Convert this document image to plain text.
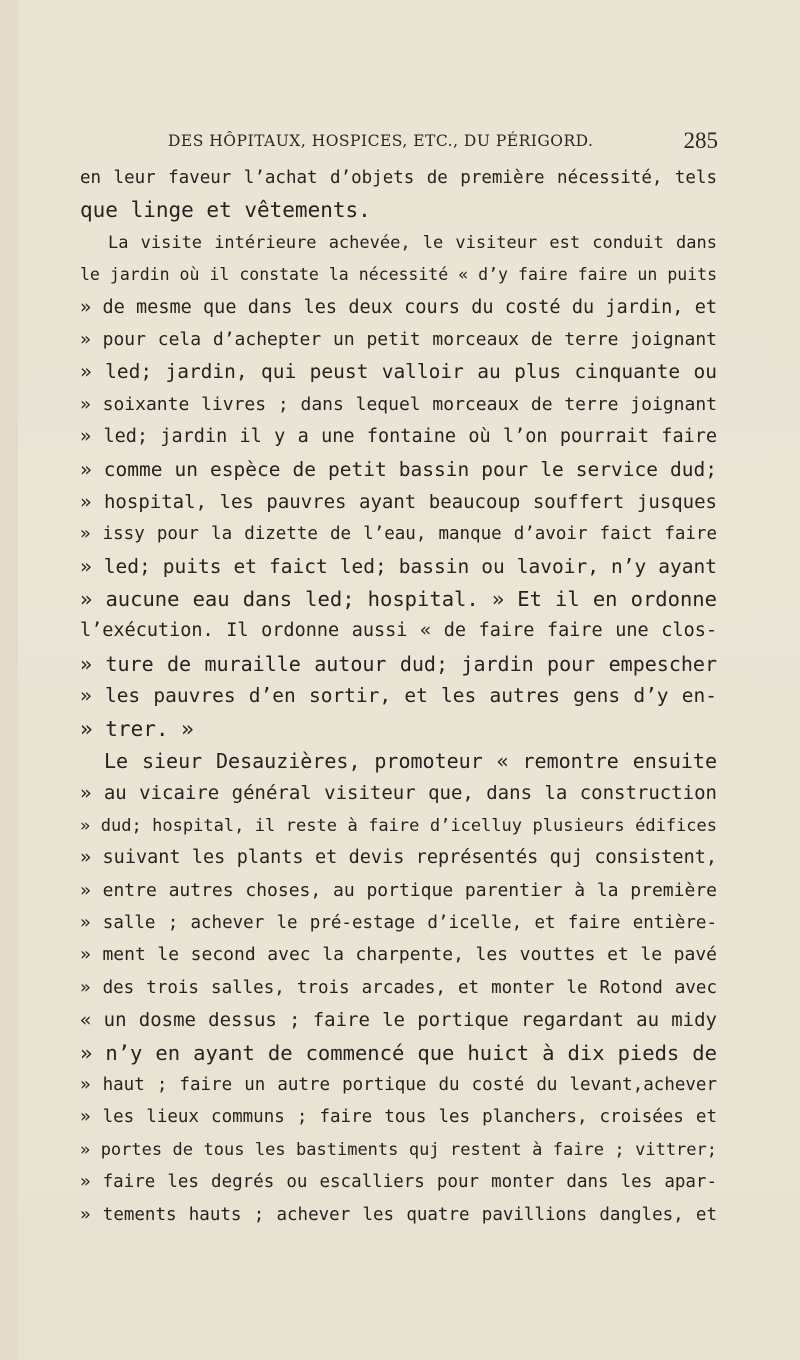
DES HÔPITAUX, HOSPICES, ETC., DU PÉRIGORD.	285
en leur faveur l’achat d’objets de première nécessité, tels
que linge et vêtements.
La visite intérieure achevée, le visiteur est conduit dans
le jardin où il constate la nécessité « d’y faire faire un puits
» de mesme que dans les deux cours du costé du jardin, et
» pour cela d’achepter un petit morceaux de terre joignant
» led; jardin, qui peust valloir au plus cinquante ou
» soixante livres ; dans lequel morceaux de terre joignant
» led; jardin il y a une fontaine où l’on pourrait faire
» comme un espèce de petit bassin pour le service dud;
» hospital, les pauvres ayant beaucoup souffert jusques
» issy pour la dizette de l’eau, manque d’avoir faict faire
» led; puits et faict led; bassin ou lavoir, n’y ayant
» aucune eau dans led; hospital. » Et il en ordonne
l’exécution. Il ordonne aussi « de faire faire une clos-
» ture de muraille autour dud; jardin pour empescher
» les pauvres d’en sortir, et les autres gens d’y en-
» trer. »
Le sieur Desauzières, promoteur « remontre ensuite
» au vicaire général visiteur que, dans la construction
» dud; hospital, il reste à faire d’icelluy plusieurs édifices
» suivant les plants et devis représentés quj consistent,
» entre autres choses, au portique parentier à la première
» salle ; achever le pré-estage d’icelle, et faire entière-
» ment le second avec la charpente, les vouttes et le pavé
» des trois salles, trois arcades, et monter le Rotond avec
« un dosme dessus ; faire le portique regardant au midy
» n’y en ayant de commencé que huict à dix pieds de
» haut ; faire un autre portique du costé du levant,achever
» les lieux communs ; faire tous les planchers, croisées et
» portes de tous les bastiments quj restent à faire ; vittrer;
» faire les degrés ou escalliers pour monter dans les apar-
» tements hauts ; achever les quatre pavillions dangles, et
